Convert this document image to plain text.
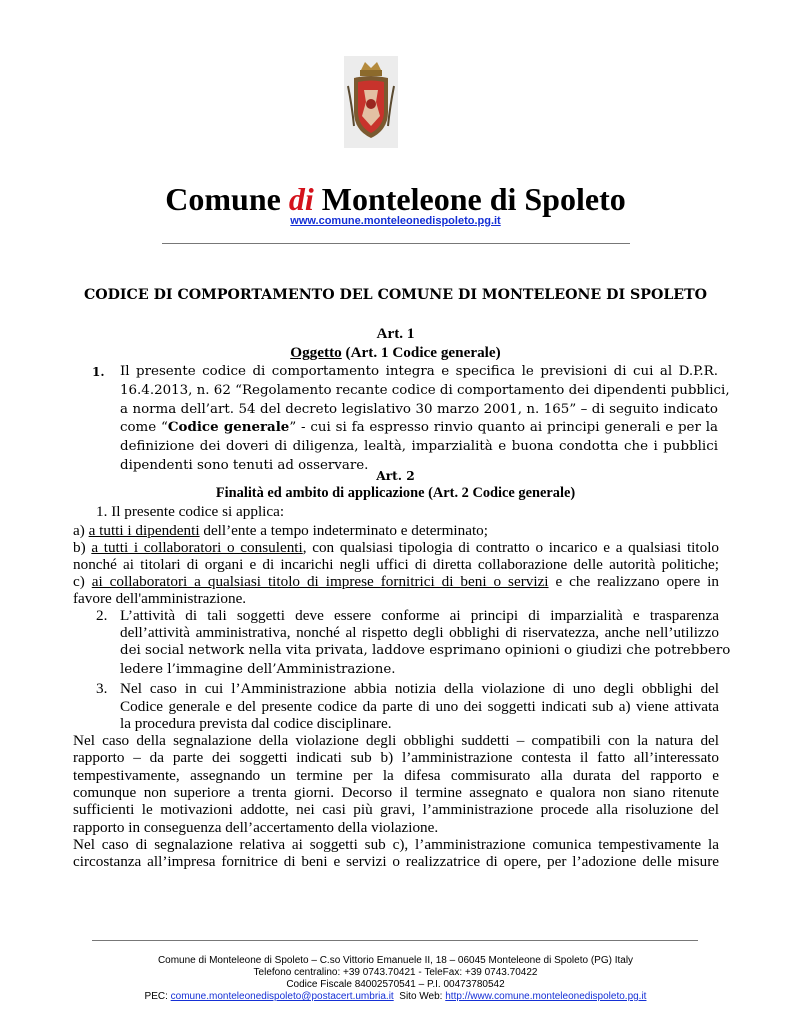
Comune di Monteleone di Spoleto
www.comune.monteleonedispoleto.pg.it
CODICE DI COMPORTAMENTO DEL COMUNE DI MONTELEONE DI SPOLETO
Art. 1
Oggetto (Art. 1 Codice generale)
1. Il presente codice di comportamento integra e specifica le previsioni di cui al D.P.R.
16.4.2013, n. 62 “Regolamento recante codice di comportamento dei dipendenti pubblici,
a norma dell’art. 54 del decreto legislativo 30 marzo 2001, n. 165” – di seguito indicato
come “Codice generale” - cui si fa espresso rinvio quanto ai principi generali e per la
definizione dei doveri di diligenza, lealtà, imparzialità e buona condotta che i pubblici
dipendenti sono tenuti ad osservare.
Art. 2
Finalità ed ambito di applicazione (Art. 2 Codice generale)
1. Il presente codice si applica:
a) a tutti i dipendenti dell’ente a tempo indeterminato e determinato;
b) a tutti i collaboratori o consulenti, con qualsiasi tipologia di contratto o incarico e a qualsiasi titolo
nonché ai titolari di organi e di incarichi negli uffici di diretta collaborazione delle autorità politiche;
c) ai collaboratori a qualsiasi titolo di imprese fornitrici di beni o servizi e che realizzano opere in
favore dell'amministrazione.
2. L’attività di tali soggetti deve essere conforme ai principi di imparzialità e trasparenza
dell’attività amministrativa, nonché al rispetto degli obblighi di riservatezza, anche nell’utilizzo
dei social network nella vita privata, laddove esprimano opinioni o giudizi che potrebbero
ledere l’immagine dell’Amministrazione.
3. Nel caso in cui l’Amministrazione abbia notizia della violazione di uno degli obblighi del
Codice generale e del presente codice da parte di uno dei soggetti indicati sub a) viene attivata
la procedura prevista dal codice disciplinare.
Nel caso della segnalazione della violazione degli obblighi suddetti – compatibili con la natura del
rapporto – da parte dei soggetti indicati sub b) l’amministrazione contesta il fatto all’interessato
tempestivamente, assegnando un termine per la difesa commisurato alla durata del rapporto e
comunque non superiore a trenta giorni. Decorso il termine assegnato e qualora non siano ritenute
sufficienti le motivazioni addotte, nei casi più gravi, l’amministrazione procede alla risoluzione del
rapporto in conseguenza dell’accertamento della violazione.
Nel caso di segnalazione relativa ai soggetti sub c), l’amministrazione comunica tempestivamente la
circostanza all’impresa fornitrice di beni e servizi o realizzatrice di opere, per l’adozione delle misure
Comune di Monteleone di Spoleto – C.so Vittorio Emanuele II, 18 – 06045 Monteleone di Spoleto (PG) Italy
Telefono centralino: +39 0743.70421 - TeleFax: +39 0743.70422
Codice Fiscale 84002570541 – P.I. 00473780542
PEC: comune.monteleonedispoleto@postacert.umbria.it  Sito Web: http://www.comune.monteleonedispoleto.pg.it
